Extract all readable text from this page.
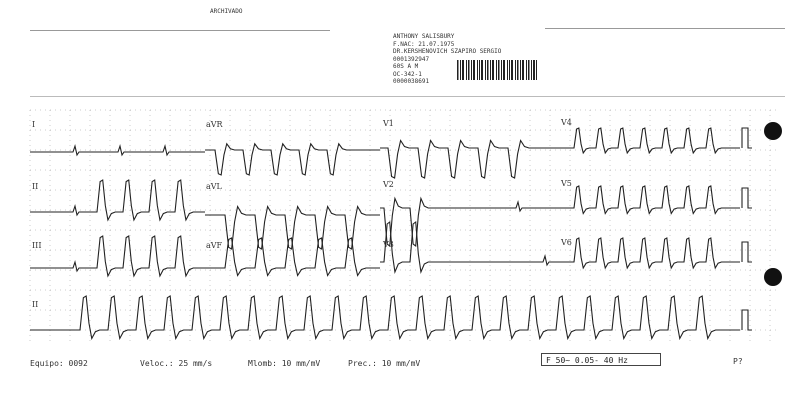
ARCHIVADO
ANTHONY SALISBURY
F.NAC: 21.07.1975
DR.KERSHENOVICH SZAPIRO SERGIO
0001392947
60S A M
OC-342-1
0000038691
I	aVR	V1	V4
II	aVL	V2	V5
III	aVF	V3	V6
II
Equipo: 0092	Veloc.: 25 mm/s	Mlomb: 10 mm/mV	Prec.: 10 mm/mV	F 50~ 0.05- 40 Hz	P?
